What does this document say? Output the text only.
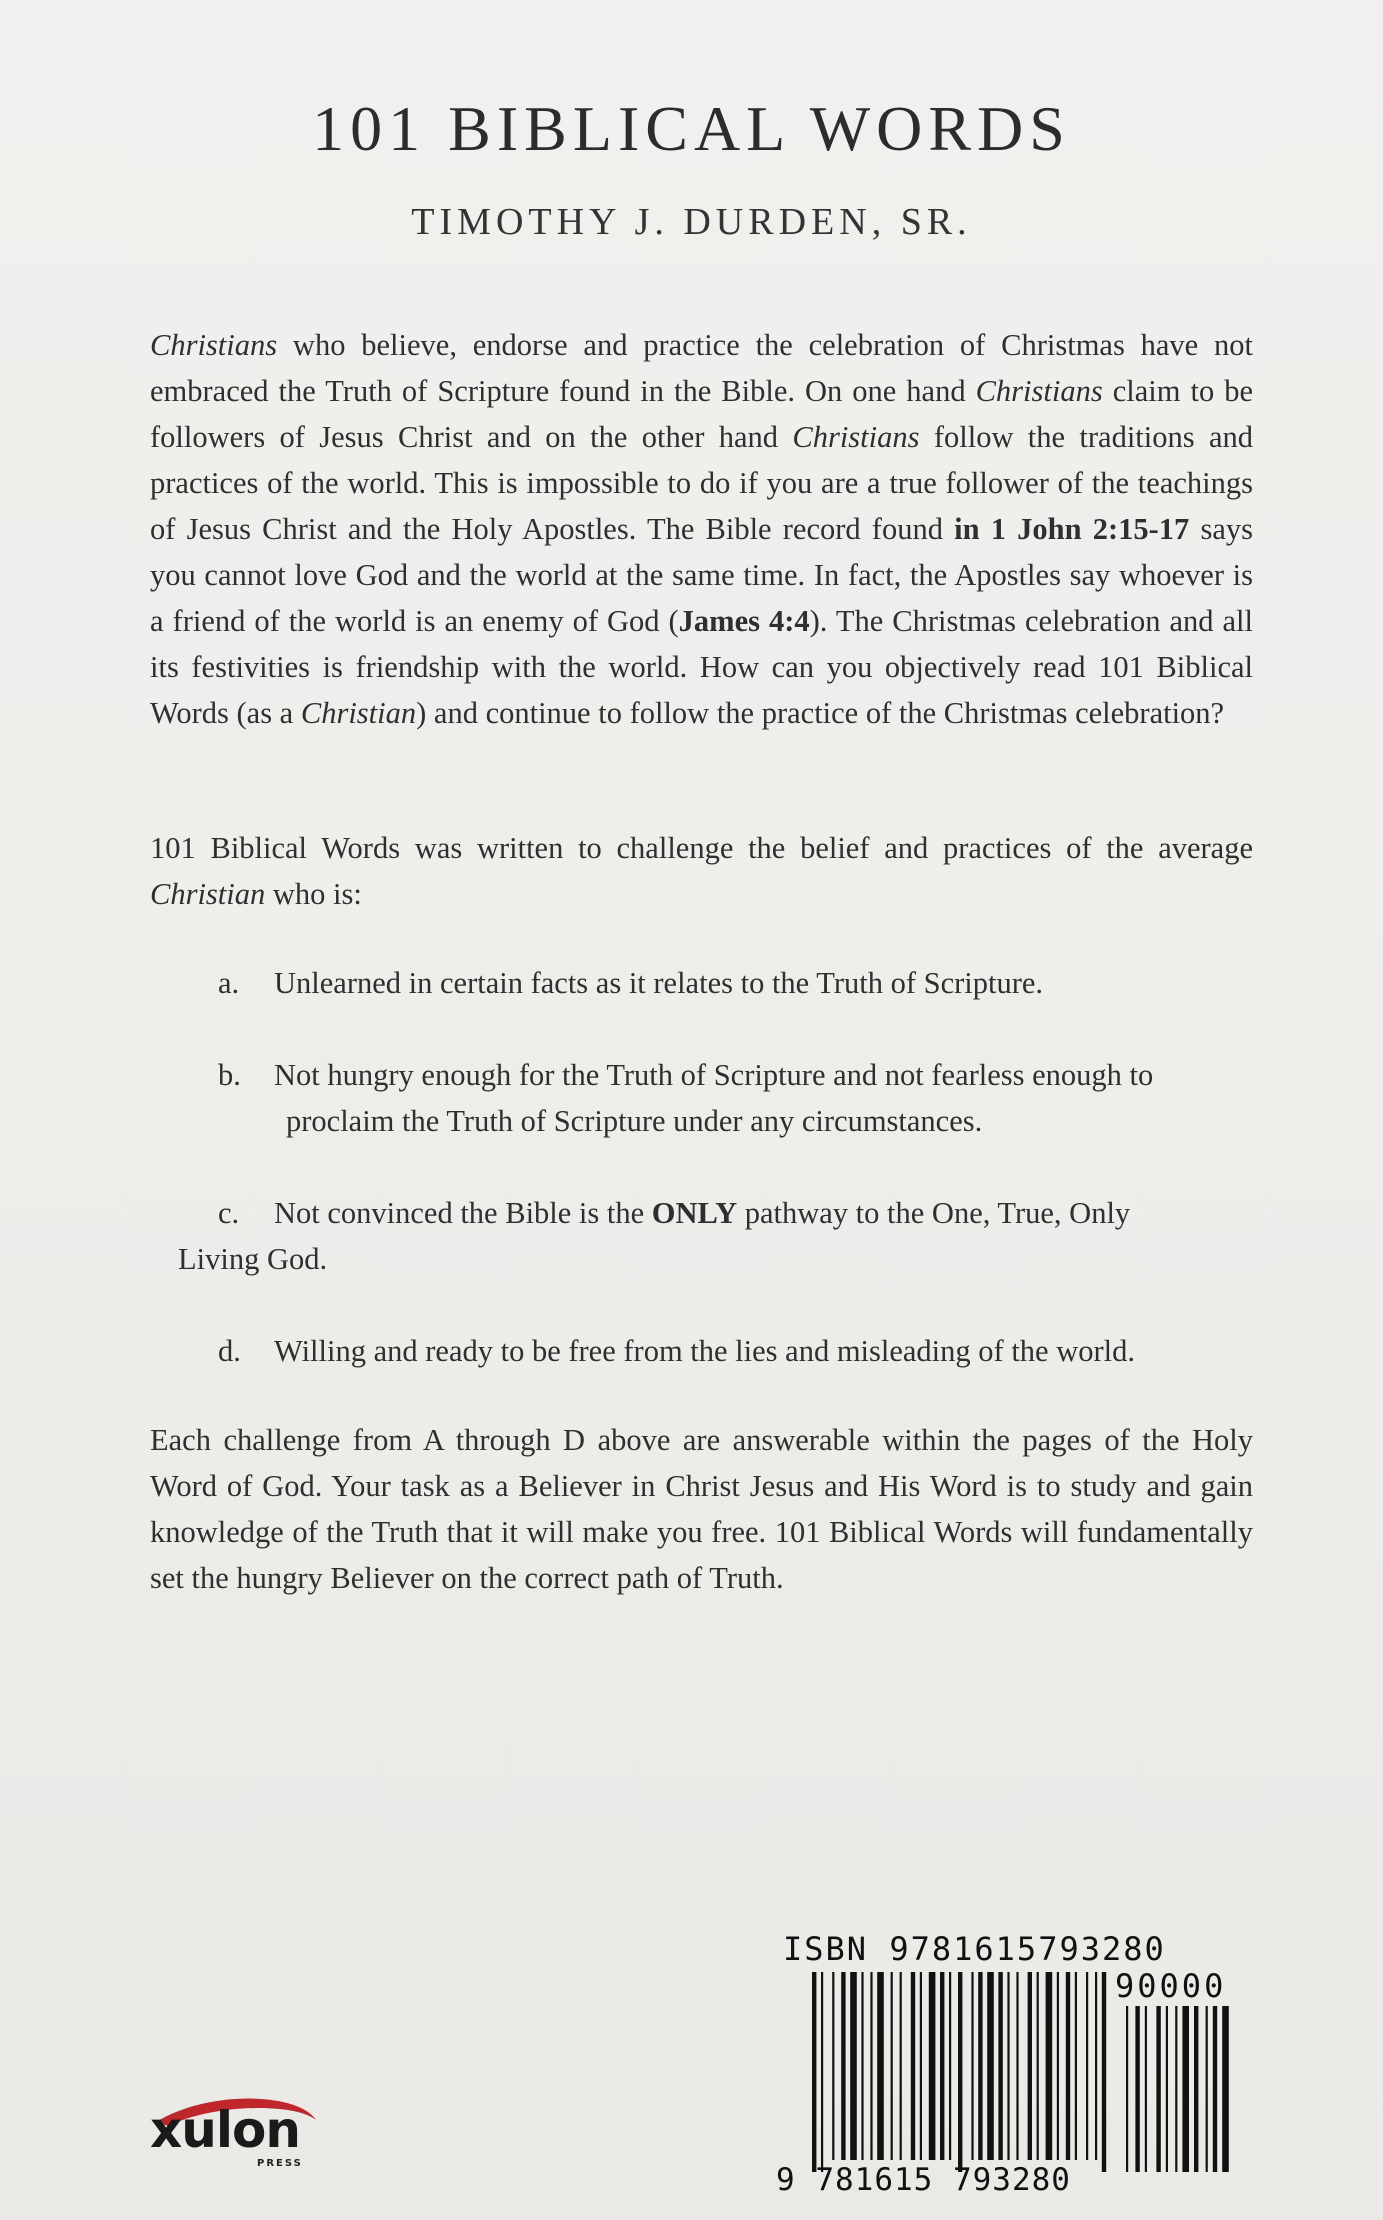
101 BIBLICAL WORDS
TIMOTHY J. DURDEN, SR.
Christians who believe, endorse and practice the celebration of Christmas have not embraced the Truth of Scripture found in the Bible. On one hand Christians claim to be followers of Jesus Christ and on the other hand Christians follow the traditions and practices of the world. This is impossible to do if you are a true follower of the teachings of Jesus Christ and the Holy Apostles. The Bible record found in 1 John 2:15-17 says you cannot love God and the world at the same time. In fact, the Apostles say whoever is a friend of the world is an enemy of God (James 4:4). The Christmas celebration and all its festivities is friendship with the world. How can you objectively read 101 Biblical Words (as a Christian) and continue to follow the practice of the Christmas celebration?
101 Biblical Words was written to challenge the belief and practices of the average Christian who is:
a. Unlearned in certain facts as it relates to the Truth of Scripture.
b. Not hungry enough for the Truth of Scripture and not fearless enough to
proclaim the Truth of Scripture under any circumstances.
c. Not convinced the Bible is the ONLY pathway to the One, True, Only
Living God.
d. Willing and ready to be free from the lies and misleading of the world.
Each challenge from A through D above are answerable within the pages of the Holy Word of God. Your task as a Believer in Christ Jesus and His Word is to study and gain knowledge of the Truth that it will make you free. 101 Biblical Words will fundamentally set the hungry Believer on the correct path of Truth.
ISBN 9781615793280
90000
9 781615 793280
xulon
PRESS
